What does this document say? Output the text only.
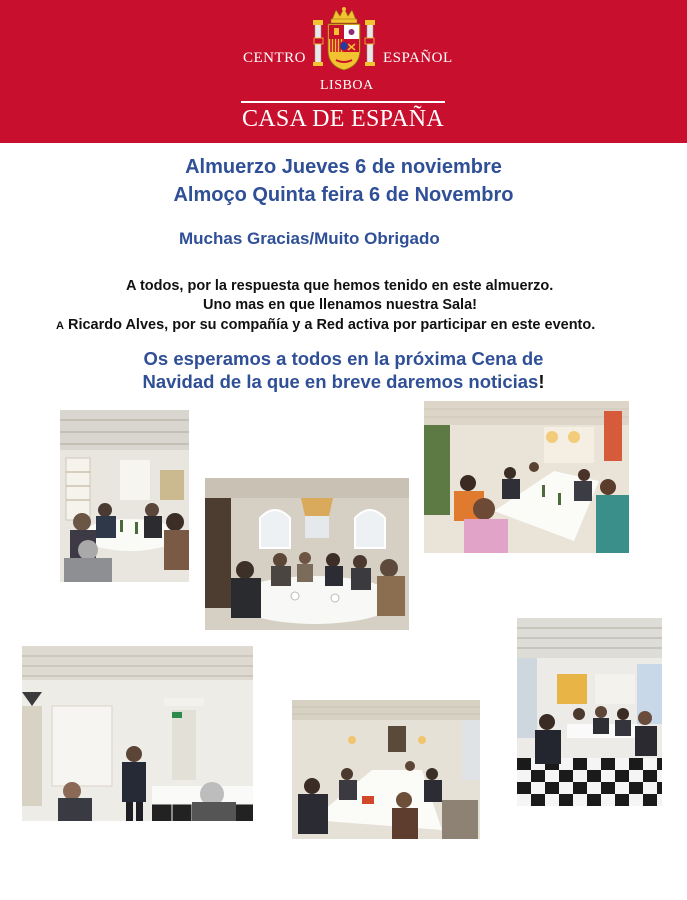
CENTRO	ESPAÑOL
LISBOA
CASA DE ESPAÑA
Almuerzo Jueves 6 de noviembre
Almoço Quinta feira 6 de Novembro
Muchas Gracias/Muito Obrigado
A todos, por la respuesta que hemos tenido en este almuerzo.
Uno mas en que llenamos nuestra Sala!
A Ricardo Alves, por su compañía y a Red activa por participar en este evento.
Os esperamos a todos en la próxima Cena de
Navidad de la que en breve daremos noticias!
